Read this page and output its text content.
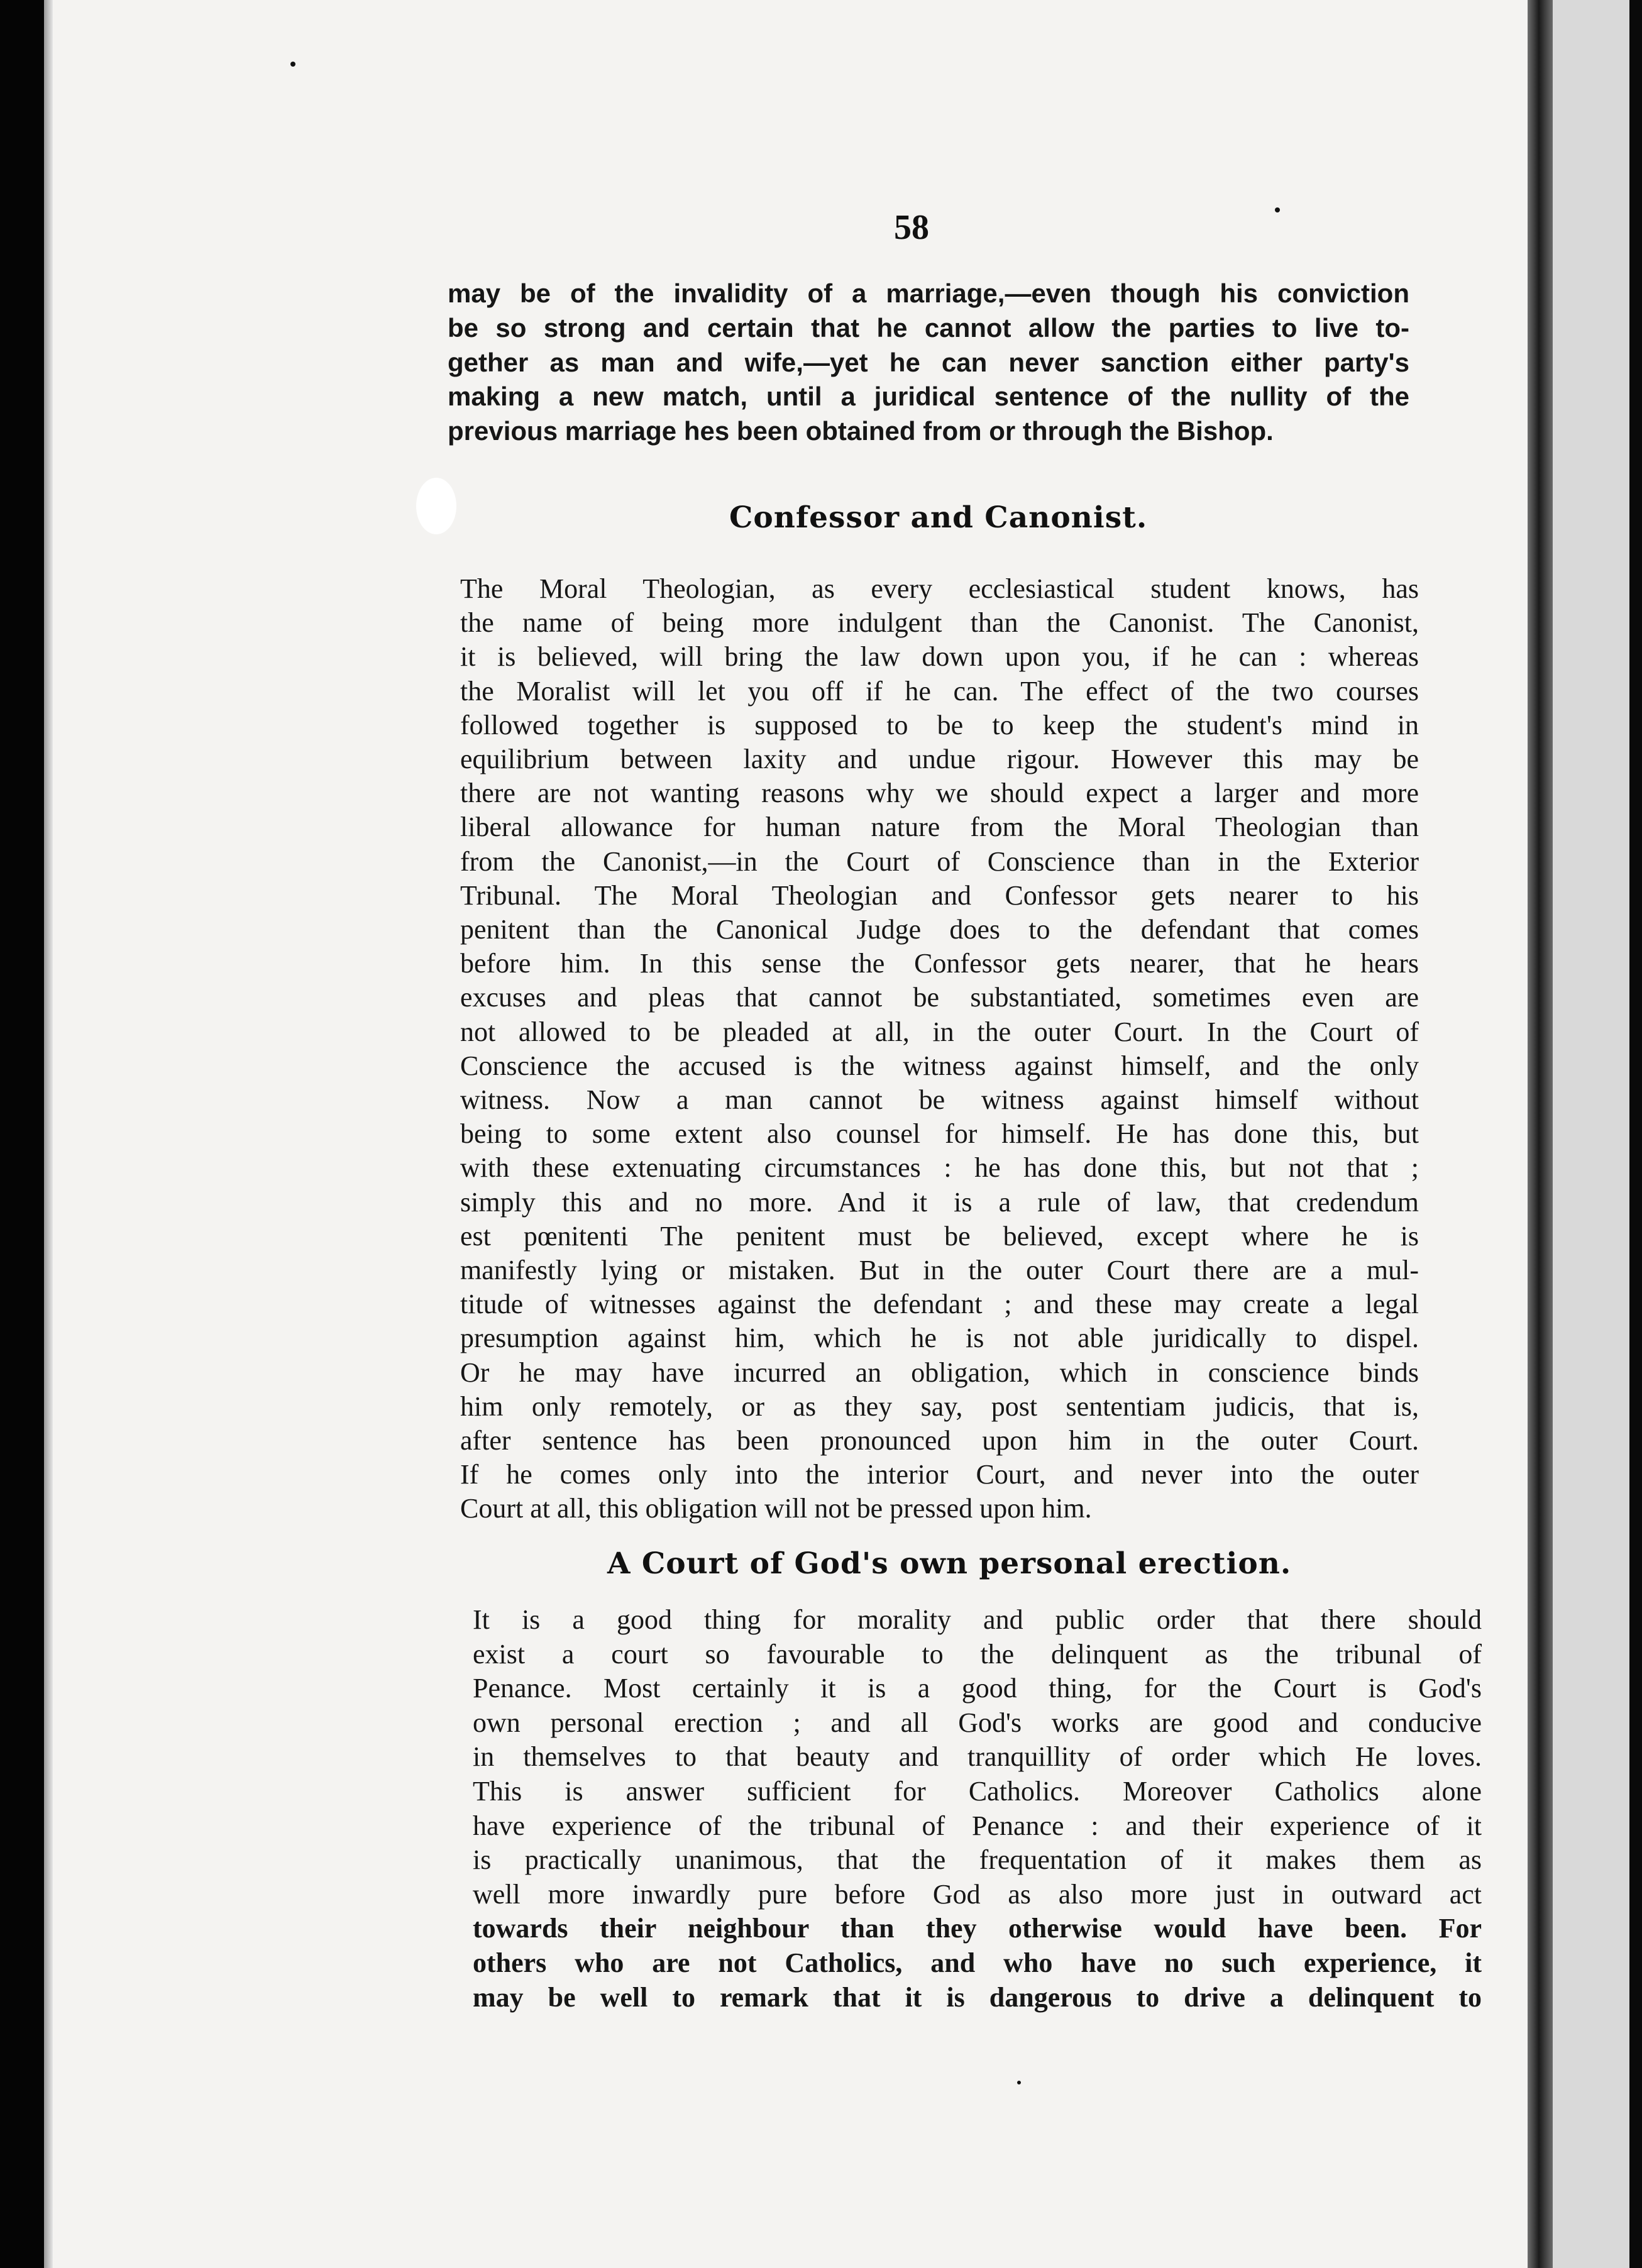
58
may be of the invalidity of a marriage,—even though his conviction
be so strong and certain that he cannot allow the parties to live to-
gether as man and wife,—yet he can never sanction either party's
making a new match, until a juridical sentence of the nullity of the
previous marriage hes been obtained from or through the Bishop.
Confessor and Canonist.
The Moral Theologian, as every ecclesiastical student knows, has
the name of being more indulgent than the Canonist. The Canonist,
it is believed, will bring the law down upon you, if he can : whereas
the Moralist will let you off if he can. The effect of the two courses
followed together is supposed to be to keep the student's mind in
equilibrium between laxity and undue rigour. However this may be
there are not wanting reasons why we should expect a larger and more
liberal allowance for human nature from the Moral Theologian than
from the Canonist,—in the Court of Conscience than in the Exterior
Tribunal. The Moral Theologian and Confessor gets nearer to his
penitent than the Canonical Judge does to the defendant that comes
before him. In this sense the Confessor gets nearer, that he hears
excuses and pleas that cannot be substantiated, sometimes even are
not allowed to be pleaded at all, in the outer Court. In the Court of
Conscience the accused is the witness against himself, and the only
witness. Now a man cannot be witness against himself without
being to some extent also counsel for himself. He has done this, but
with these extenuating circumstances : he has done this, but not that ;
simply this and no more. And it is a rule of law, that credendum
est pœnitenti The penitent must be believed, except where he is
manifestly lying or mistaken. But in the outer Court there are a mul-
titude of witnesses against the defendant ; and these may create a legal
presumption against him, which he is not able juridically to dispel.
Or he may have incurred an obligation, which in conscience binds
him only remotely, or as they say, post sententiam judicis, that is,
after sentence has been pronounced upon him in the outer Court.
If he comes only into the interior Court, and never into the outer
Court at all, this obligation will not be pressed upon him.
A Court of God's own personal erection.
It is a good thing for morality and public order that there should
exist a court so favourable to the delinquent as the tribunal of
Penance. Most certainly it is a good thing, for the Court is God's
own personal erection ; and all God's works are good and conducive
in themselves to that beauty and tranquillity of order which He loves.
This is answer sufficient for Catholics. Moreover Catholics alone
have experience of the tribunal of Penance : and their experience of it
is practically unanimous, that the frequentation of it makes them as
well more inwardly pure before God as also more just in outward act
towards their neighbour than they otherwise would have been. For
others who are not Catholics, and who have no such experience, it
may be well to remark that it is dangerous to drive a delinquent to
